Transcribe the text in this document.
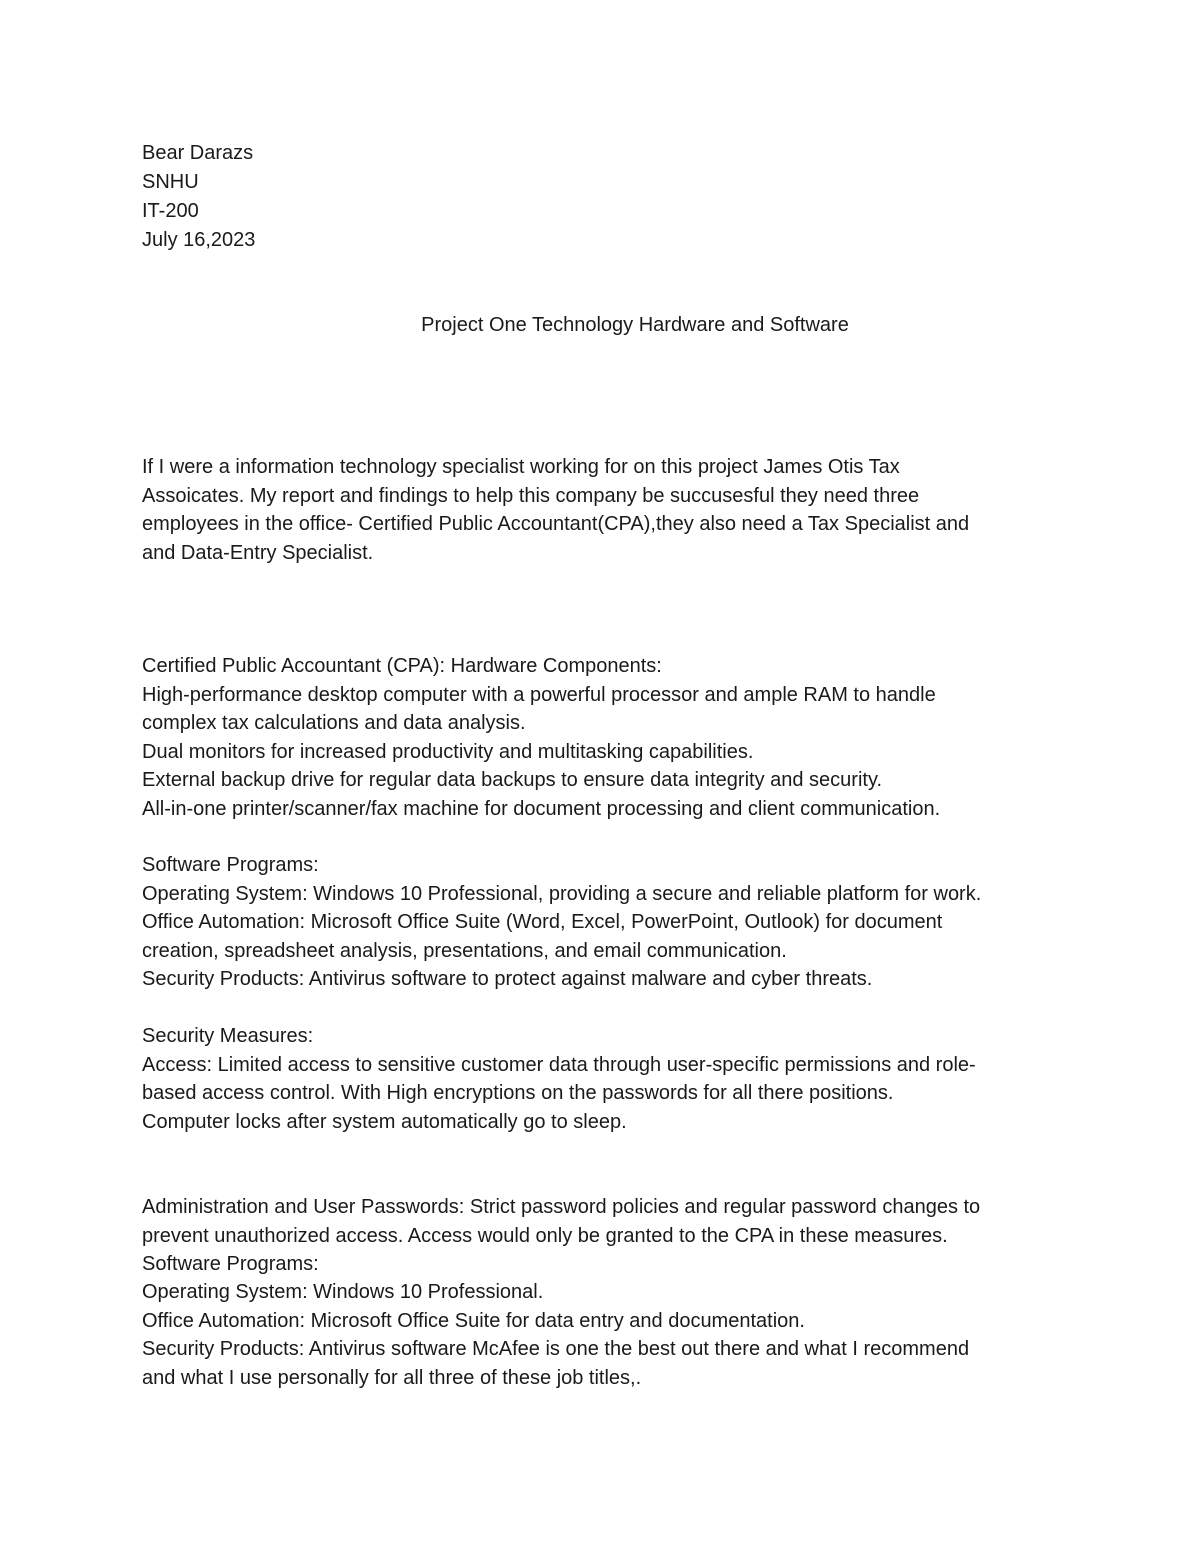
Bear Darazs
SNHU
IT-200
July 16,2023
Project One Technology Hardware and Software
If I were a information technology specialist working for on this project James Otis Tax
Assoicates. My report and findings to help this company be succusesful they need three
employees in the office- Certified Public Accountant(CPA),they also need a Tax Specialist and
and Data-Entry Specialist.
Certified Public Accountant (CPA): Hardware Components:
High-performance desktop computer with a powerful processor and ample RAM to handle
complex tax calculations and data analysis.
Dual monitors for increased productivity and multitasking capabilities.
External backup drive for regular data backups to ensure data integrity and security.
All-in-one printer/scanner/fax machine for document processing and client communication.
Software Programs:
Operating System: Windows 10 Professional, providing a secure and reliable platform for work.
Office Automation: Microsoft Office Suite (Word, Excel, PowerPoint, Outlook) for document
creation, spreadsheet analysis, presentations, and email communication.
Security Products: Antivirus software to protect against malware and cyber threats.
Security Measures:
Access: Limited access to sensitive customer data through user-specific permissions and role-
based access control. With High encryptions on the passwords for all there positions.
Computer locks after system automatically go to sleep.
Administration and User Passwords: Strict password policies and regular password changes to
prevent unauthorized access. Access would only be granted to the CPA in these measures.
Software Programs:
Operating System: Windows 10 Professional.
Office Automation: Microsoft Office Suite for data entry and documentation.
Security Products: Antivirus software McAfee is one the best out there and what I recommend
and what I use personally for all three of these job titles,.
